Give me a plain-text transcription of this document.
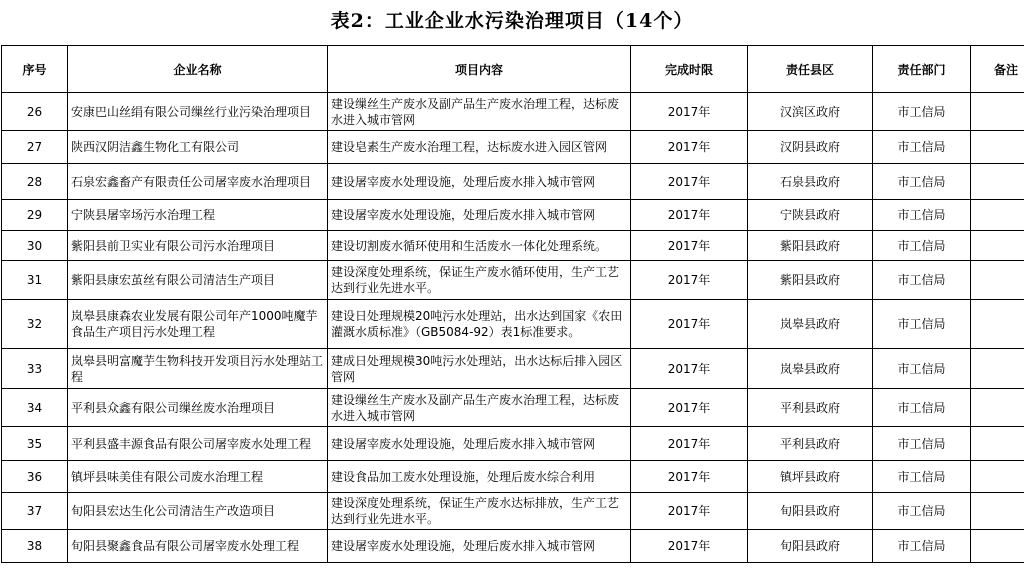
表2：工业企业水污染治理项目（14个）
序号	企业名称	项目内容	完成时限	责任县区	责任部门	备注
26	安康巴山丝绢有限公司缫丝行业污染治理项目	建设缫丝生产废水及副产品生产废水治理工程，达标废水进入城市管网	2017年	汉滨区政府	市工信局	
27	陕西汉阴洁鑫生物化工有限公司	建设皂素生产废水治理工程，达标废水进入园区管网	2017年	汉阴县政府	市工信局	
28	石泉宏鑫畜产有限责任公司屠宰废水治理项目	建设屠宰废水处理设施，处理后废水排入城市管网	2017年	石泉县政府	市工信局	
29	宁陕县屠宰场污水治理工程	建设屠宰废水处理设施，处理后废水排入城市管网	2017年	宁陕县政府	市工信局	
30	紫阳县前卫实业有限公司污水治理项目	建设切割废水循环使用和生活废水一体化处理系统。	2017年	紫阳县政府	市工信局	
31	紫阳县康宏茧丝有限公司清洁生产项目	建设深度处理系统，保证生产废水循环使用，生产工艺达到行业先进水平。	2017年	紫阳县政府	市工信局	
32	岚皋县康森农业发展有限公司年产1000吨魔芋食品生产项目污水处理工程	建设日处理规模20吨污水处理站，出水达到国家《农田灌溉水质标准》（GB5084-92）表1标准要求。	2017年	岚皋县政府	市工信局	
33	岚皋县明富魔芋生物科技开发项目污水处理站工程	建成日处理规模30吨污水处理站，出水达标后排入园区管网	2017年	岚皋县政府	市工信局	
34	平利县众鑫有限公司缫丝废水治理项目	建设缫丝生产废水及副产品生产废水治理工程，达标废水进入城市管网	2017年	平利县政府	市工信局	
35	平利县盛丰源食品有限公司屠宰废水处理工程	建设屠宰废水处理设施，处理后废水排入城市管网	2017年	平利县政府	市工信局	
36	镇坪县味美佳有限公司废水治理工程	建设食品加工废水处理设施，处理后废水综合利用	2017年	镇坪县政府	市工信局	
37	旬阳县宏达生化公司清洁生产改造项目	建设深度处理系统，保证生产废水达标排放，生产工艺达到行业先进水平。	2017年	旬阳县政府	市工信局	
38	旬阳县聚鑫食品有限公司屠宰废水处理工程	建设屠宰废水处理设施，处理后废水排入城市管网	2017年	旬阳县政府	市工信局	
